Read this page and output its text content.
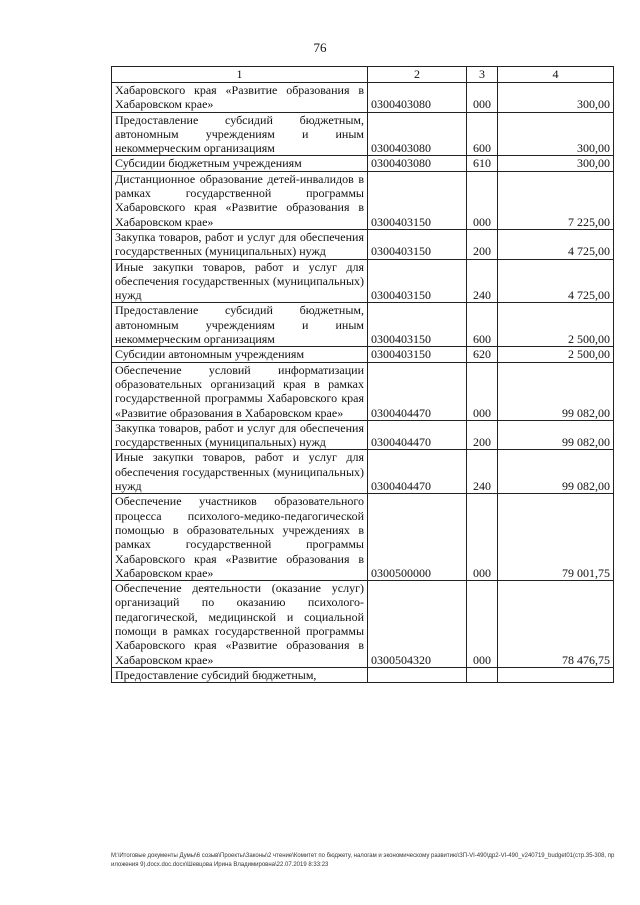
76
1	2	3	4
Хабаровского края «Развитие образования в Хабаровском крае»	0300403080	000	300,00
Предоставление субсидий бюджетным, автономным учреждениям и иным некоммерческим организациям	0300403080	600	300,00
Субсидии бюджетным учреждениям	0300403080	610	300,00
Дистанционное образование детей-инвалидов в рамках государственной программы Хабаровского края «Развитие образования в Хабаровском крае»	0300403150	000	7 225,00
Закупка товаров, работ и услуг для обеспечения государственных (муниципальных) нужд	0300403150	200	4 725,00
Иные закупки товаров, работ и услуг для обеспечения государственных (муниципальных) нужд	0300403150	240	4 725,00
Предоставление субсидий бюджетным, автономным учреждениям и иным некоммерческим организациям	0300403150	600	2 500,00
Субсидии автономным учреждениям	0300403150	620	2 500,00
Обеспечение условий информатизации образовательных организаций края в рамках государственной программы Хабаровского края «Развитие образования в Хабаровском крае»	0300404470	000	99 082,00
Закупка товаров, работ и услуг для обеспечения государственных (муниципальных) нужд	0300404470	200	99 082,00
Иные закупки товаров, работ и услуг для обеспечения государственных (муниципальных) нужд	0300404470	240	99 082,00
Обеспечение участников образовательного процесса психолого-медико-педагогической помощью в образовательных учреждениях в рамках государственной программы Хабаровского края «Развитие образования в Хабаровском крае»	0300500000	000	79 001,75
Обеспечение деятельности (оказание услуг) организаций по оказанию психолого-педагогической, медицинской и социальной помощи в рамках государственной программы Хабаровского края «Развитие образования в Хабаровском крае»	0300504320	000	78 476,75
Предоставление субсидий бюджетным,			
M:\Итоговые документы Думы\6 созыв\Проекты\Законы\2 чтение\Комитет по бюджету, налогам и экономическому развитию\ЗП-VI-490\др2-VI-490_v240719_budget01(стр.35-308, приложения 9).docx.doc.docx\Шевцова Ирина Владимировна\22.07.2019 8:33:23
